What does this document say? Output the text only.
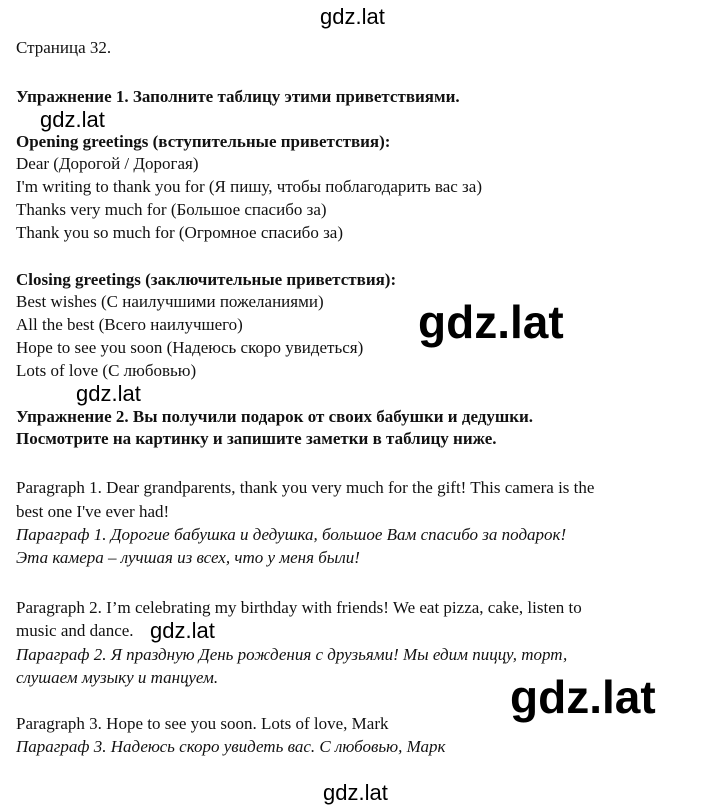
Страница 32.
Упражнение 1. Заполните таблицу этими приветствиями.
Opening greetings (вступительные приветствия):
Dear (Дорогой / Дорогая)
I'm writing to thank you for (Я пишу, чтобы поблагодарить вас за)
Thanks very much for (Большое спасибо за)
Thank you so much for (Огромное спасибо за)
Closing greetings (заключительные приветствия):
Best wishes (С наилучшими пожеланиями)
All the best (Всего наилучшего)
Hope to see you soon (Надеюсь скоро увидеться)
Lots of love (С любовью)
Упражнение 2. Вы получили подарок от своих бабушки и дедушки.
Посмотрите на картинку и запишите заметки в таблицу ниже.
Paragraph 1. Dear grandparents, thank you very much for the gift! This camera is the
best one I've ever had!
Параграф 1. Дорогие бабушка и дедушка, большое Вам спасибо за подарок!
Эта камера – лучшая из всех, что у меня были!
Paragraph 2. I’m celebrating my birthday with friends! We eat pizza, cake, listen to
music and dance.
Параграф 2. Я праздную День рождения с друзьями! Мы едим пиццу, торт,
слушаем музыку и танцуем.
Paragraph 3. Hope to see you soon. Lots of love, Mark
Параграф 3. Надеюсь скоро увидеть вас. С любовью, Марк
gdz.lat
gdz.lat
gdz.lat
gdz.lat
gdz.lat
gdz.lat
gdz.lat
